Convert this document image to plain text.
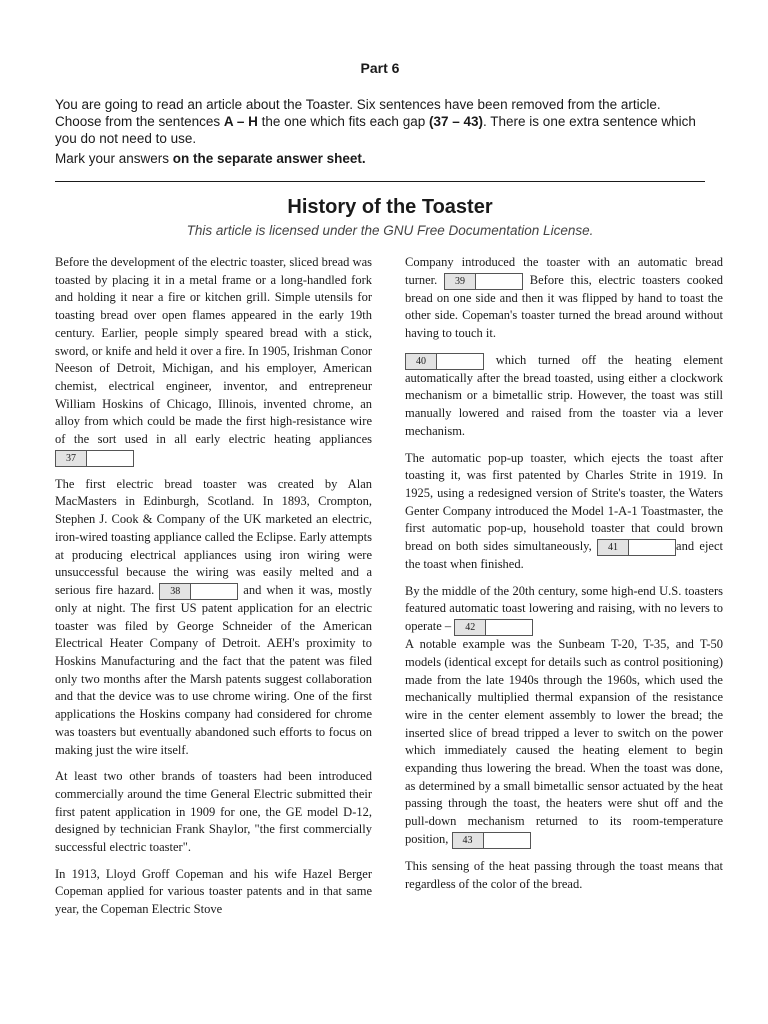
Part 6

You are going to read an article about the Toaster. Six sentences have been removed from the article. Choose from the sentences A – H the one which fits each gap (37 – 43). There is one extra sentence which you do not need to use.

Mark your answers on the separate answer sheet.

History of the Toaster

This article is licensed under the GNU Free Documentation License.

Before the development of the electric toaster, sliced bread was toasted by placing it in a metal frame or a long-handled fork and holding it near a fire or kitchen grill. Simple utensils for toasting bread over open flames appeared in the early 19th century. Earlier, people simply speared bread with a stick, sword, or knife and held it over a fire. In 1905, Irishman Conor Neeson of Detroit, Michigan, and his employer, American chemist, electrical engineer, inventor, and entrepreneur William Hoskins of Chicago, Illinois, invented chrome, an alloy from which could be made the first high-resistance wire of the sort used in all early electric heating appliances 37

The first electric bread toaster was created by Alan MacMasters in Edinburgh, Scotland. In 1893, Crompton, Stephen J. Cook & Company of the UK marketed an electric, iron-wired toasting appliance called the Eclipse. Early attempts at producing electrical appliances using iron wiring were unsuccessful because the wiring was easily melted and a serious fire hazard. 38	and when it was, mostly only at night. The first US patent application for an electric toaster was filed by George Schneider of the American Electrical Heater Company of Detroit. AEH's proximity to Hoskins Manufacturing and the fact that the patent was filed only two months after the Marsh patents suggest collaboration and that the device was to use chrome wiring. One of the first applications the Hoskins company had considered for chrome was toasters but eventually abandoned such efforts to focus on making just the wire itself.

At least two other brands of toasters had been introduced commercially around the time General Electric submitted their first patent application in 1909 for one, the GE model D-12, designed by technician Frank Shaylor, "the first commercially successful electric toaster".

In 1913, Lloyd Groff Copeman and his wife Hazel Berger Copeman applied for various toaster patents and in that same year, the Copeman Electric Stove

Company introduced the toaster with an automatic bread turner. 39	Before this, electric toasters cooked bread on one side and then it was flipped by hand to toast the other side. Copeman's toaster turned the bread around without having to touch it.

40	which turned off the heating element automatically after the bread toasted, using either a clockwork mechanism or a bimetallic strip. However, the toast was still manually lowered and raised from the toaster via a lever mechanism.

The automatic pop-up toaster, which ejects the toast after toasting it, was first patented by Charles Strite in 1919. In 1925, using a redesigned version of Strite's toaster, the Waters Genter Company introduced the Model 1-A-1 Toastmaster, the first automatic pop-up, household toaster that could brown bread on both sides simultaneously, 41	and eject the toast when finished.

By the middle of the 20th century, some high-end U.S. toasters featured automatic toast lowering and raising, with no levers to operate – 42
A notable example was the Sunbeam T-20, T-35, and T-50 models (identical except for details such as control positioning) made from the late 1940s through the 1960s, which used the mechanically multiplied thermal expansion of the resistance wire in the center element assembly to lower the bread; the inserted slice of bread tripped a lever to switch on the power which immediately caused the heating element to begin expanding thus lowering the bread. When the toast was done, as determined by a small bimetallic sensor actuated by the heat passing through the toast, the heaters were shut off and the pull-down mechanism returned to its room-temperature position, 43

This sensing of the heat passing through the toast means that regardless of the color of the bread.
